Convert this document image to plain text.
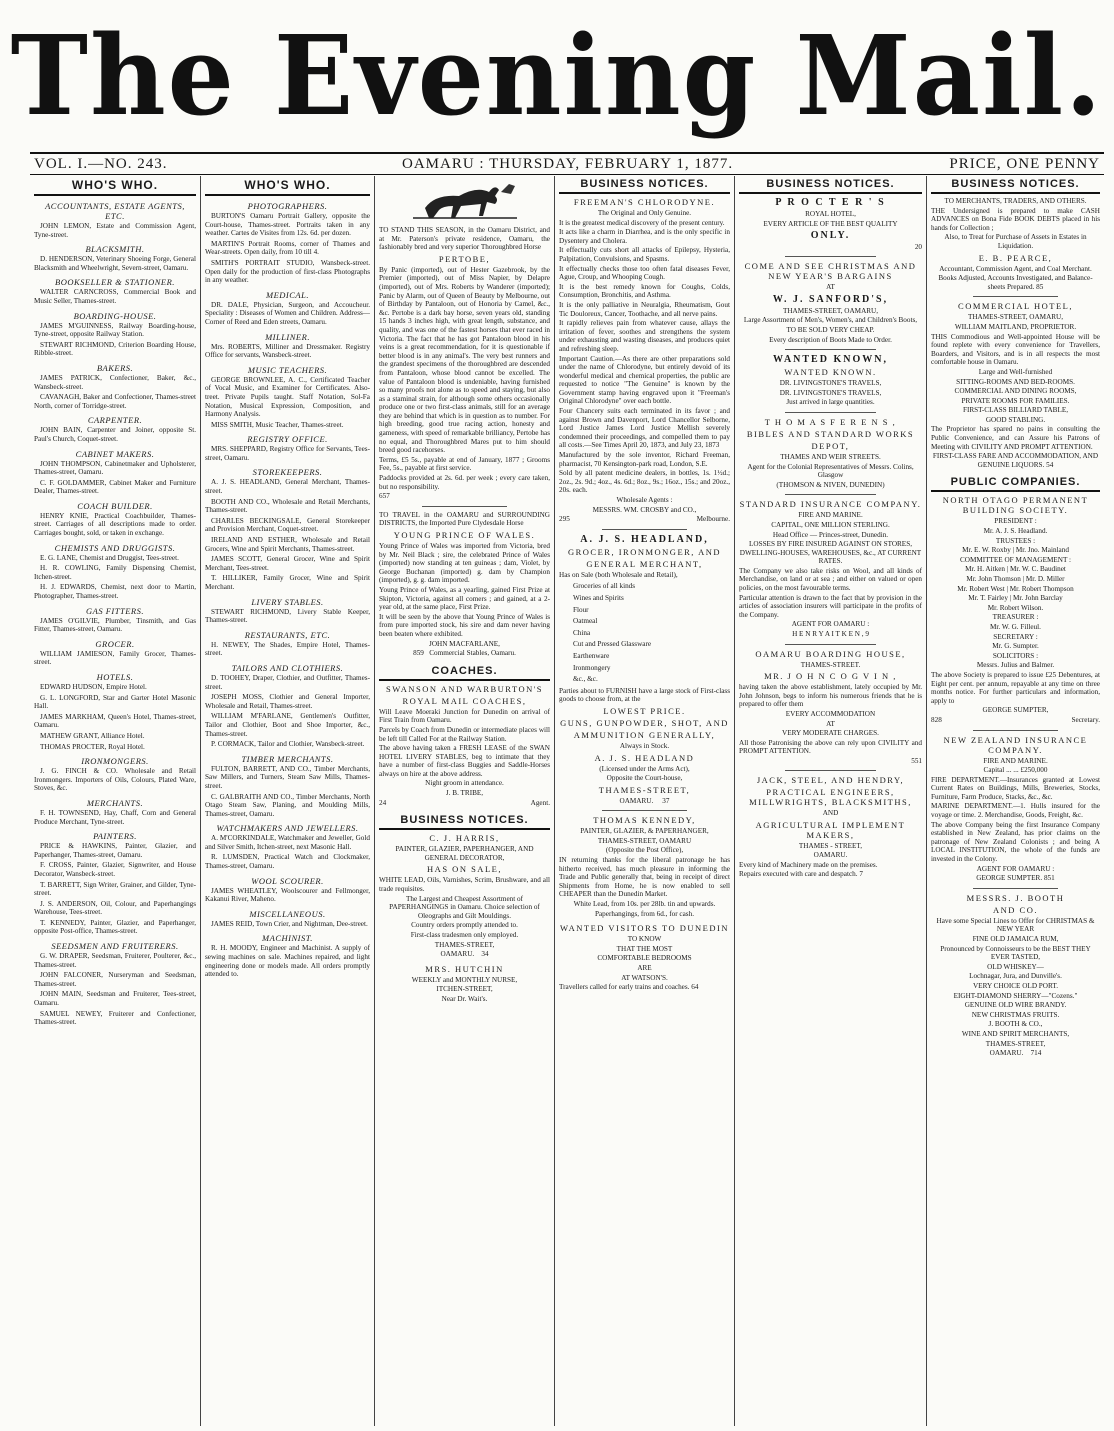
The Evening Mail.
VOL. I.—NO. 243.	OAMARU : THURSDAY, FEBRUARY 1, 1877.	PRICE, ONE PENNY
WHO'S WHO.
ACCOUNTANTS, ESTATE AGENTS, ETC.
JOHN LEMON, Estate and Commission Agent, Tyne-street.
BLACKSMITH.
D. HENDERSON, Veterinary Shoeing Forge, General Blacksmith and Wheelwright, Severn-street, Oamaru.
BOOKSELLER & STATIONER.
WALTER CARNCROSS, Commercial Book and Music Seller, Thames-street.
BOARDING-HOUSE.
JAMES M'GUINNESS, Railway Boarding-house, Tyne-street, opposite Railway Station.
STEWART RICHMOND, Criterion Boarding House, Ribble-street.
BAKERS.
JAMES PATRICK, Confectioner, Baker, &c., Wansbeck-street.
CAVANAGH, Baker and Confectioner, Thames-street North, corner of Torridge-street.
CARPENTER.
JOHN BAIN, Carpenter and Joiner, opposite St. Paul's Church, Coquet-street.
CABINET MAKERS.
JOHN THOMPSON, Cabinetmaker and Upholsterer, Thames-street, Oamaru.
C. F. GOLDAMMER, Cabinet Maker and Furniture Dealer, Thames-street.
COACH BUILDER.
HENRY KNIE, Practical Coachbuilder, Thames-street. Carriages of all descriptions made to order. Carriages bought, sold, or taken in exchange.
CHEMISTS AND DRUGGISTS.
E. G. LANE, Chemist and Druggist, Tees-street.
H. R. COWLING, Family Dispensing Chemist, Itchen-street.
H. J. EDWARDS, Chemist, next door to Martin, Photographer, Thames-street.
GAS FITTERS.
JAMES O'GILVIE, Plumber, Tinsmith, and Gas Fitter, Thames-street, Oamaru.
GROCER.
WILLIAM JAMIESON, Family Grocer, Thames-street.
HOTELS.
EDWARD HUDSON, Empire Hotel.
G. L. LONGFORD, Star and Garter Hotel Masonic Hall.
JAMES MARKHAM, Queen's Hotel, Thames-street, Oamaru.
MATHEW GRANT, Alliance Hotel.
THOMAS PROCTER, Royal Hotel.
IRONMONGERS.
J. G. FINCH & CO. Wholesale and Retail Ironmongers. Importers of Oils, Colours, Plated Ware, Stoves, &c.
MERCHANTS.
F. H. TOWNSEND, Hay, Chaff, Corn and General Produce Merchant, Tyne-street.
PAINTERS.
PRICE & HAWKINS, Painter, Glazier, and Paperhanger, Thames-street, Oamaru.
F. CROSS, Painter, Glazier, Signwriter, and House Decorator, Wansbeck-street.
T. BARRETT, Sign Writer, Grainer, and Gilder, Tyne-street.
J. S. ANDERSON, Oil, Colour, and Paperhangings Warehouse, Tees-street.
T. KENNEDY, Painter, Glazier, and Paperhanger, opposite Post-office, Thames-street.
SEEDSMEN AND FRUITERERS.
G. W. DRAPER, Seedsman, Fruiterer, Poulterer, &c., Thames-street.
JOHN FALCONER, Nurseryman and Seedsman, Thames-street.
JOHN MAIN, Seedsman and Fruiterer, Tees-street, Oamaru.
SAMUEL NEWEY, Fruiterer and Confectioner, Thames-street.
WHO'S WHO.
PHOTOGRAPHERS.
BURTON'S Oamaru Portrait Gallery, opposite the Court-house, Thames-street. Portraits taken in any weather. Cartes de Visites from 12s. 6d. per dozen.
MARTIN'S Portrait Rooms, corner of Thames and Wear-streets. Open daily, from 10 till 4.
SMITH'S PORTRAIT STUDIO, Wansbeck-street. Open daily for the production of first-class Photographs in any weather.
MEDICAL.
DR. DALE, Physician, Surgeon, and Accoucheur. Speciality : Diseases of Women and Children. Address—Corner of Reed and Eden streets, Oamaru.
MILLINER.
Mrs. ROBERTS, Milliner and Dressmaker. Registry Office for servants, Wansbeck-street.
MUSIC TEACHERS.
GEORGE BROWNLEE, A. C., Certificated Teacher of Vocal Music, and Examiner for Certificates. Also-treet. Private Pupils taught. Staff Notation, Sol-Fa Notation, Musical Expression, Composition, and Harmony Analysis.
MISS SMITH, Music Teacher, Thames-street.
REGISTRY OFFICE.
MRS. SHEPPARD, Registry Office for Servants, Tees-street, Oamaru.
STOREKEEPERS.
A. J. S. HEADLAND, General Merchant, Thames-street.
BOOTH AND CO., Wholesale and Retail Merchants, Thames-street.
CHARLES BECKINGSALE, General Storekeeper and Provision Merchant, Coquet-street.
IRELAND AND ESTHER, Wholesale and Retail Grocers, Wine and Spirit Merchants, Thames-street.
JAMES SCOTT, General Grocer, Wine and Spirit Merchant, Tees-street.
T. HILLIKER, Family Grocer, Wine and Spirit Merchant.
LIVERY STABLES.
STEWART RICHMOND, Livery Stable Keeper, Thames-street.
RESTAURANTS, ETC.
H. NEWEY, The Shades, Empire Hotel, Thames-street.
TAILORS AND CLOTHIERS.
D. TOOHEY, Draper, Clothier, and Outfitter, Thames-street.
JOSEPH MOSS, Clothier and General Importer, Wholesale and Retail, Thames-street.
WILLIAM M'FARLANE, Gentlemen's Outfitter, Tailor and Clothier, Boot and Shoe Importer, &c., Thames-street.
P. CORMACK, Tailor and Clothier, Wansbeck-street.
TIMBER MERCHANTS.
FULTON, BARRETT, AND CO., Timber Merchants, Saw Millers, and Turners, Steam Saw Mills, Thames-street.
C. GALBRAITH AND CO., Timber Merchants, North Otago Steam Saw, Planing, and Moulding Mills, Thames-street, Oamaru.
WATCHMAKERS AND JEWELLERS.
A. M'CORKINDALE, Watchmaker and Jeweller, Gold and Silver Smith, Itchen-street, next Masonic Hall.
R. LUMSDEN, Practical Watch and Clockmaker, Thames-street, Oamaru.
WOOL SCOURER.
JAMES WHEATLEY, Woolscourer and Fellmonger, Kakanui River, Maheno.
MISCELLANEOUS.
JAMES REID, Town Crier, and Nightman, Dee-street.
MACHINIST.
R. H. MOODY, Engineer and Machinist. A supply of sewing machines on sale. Machines repaired, and light engineering done or models made. All orders promptly attended to.
TO STAND THIS SEASON, in the Oamaru District, and at Mr. Paterson's private residence, Oamaru, the fashionably bred and very superior Thoroughbred Horse
PERTOBE,
By Panic (imported), out of Hester Gazebrook, by the Premier (imported), out of Miss Napier, by Delapre (imported), out of Mrs. Roberts by Wanderer (imported); Panic by Alarm, out of Queen of Beauty by Melbourne, out of Birthday by Pantaloon, out of Honoria by Camel, &c., &c. Pertobe is a dark bay horse, seven years old, standing 15 hands 3 inches high, with great length, substance, and quality, and was one of the fastest horses that ever raced in Victoria. The fact that he has got Pantaloon blood in his veins is a great recommendation, for it is questionable if better blood is in any animal's. The very best runners and the grandest specimens of the thoroughbred are descended from Pantaloon, whose blood cannot be excelled. The value of Pantaloon blood is undeniable, having furnished so many proofs not alone as to speed and staying, but also as a staminal strain, for although some others occasionally produce one or two first-class animals, still for an average they are behind that which is in question as to number. For high breeding, good true racing action, honesty and gameness, with speed of remarkable brilliancy, Pertobe has no equal, and Thoroughbred Mares put to him should breed good racehorses.
Terms, £5 5s., payable at end of January, 1877 ; Grooms Fee, 5s., payable at first service.
Paddocks provided at 2s. 6d. per week ; every care taken, but no responsibility.
657
TO TRAVEL in the OAMARU and SURROUNDING DISTRICTS, the Imported Pure Clydesdale Horse
YOUNG PRINCE OF WALES.
Young Prince of Wales was imported from Victoria, bred by Mr. Neil Black ; sire, the celebrated Prince of Wales (imported) now standing at ten guineas ; dam, Violet, by George Buchanan (imported) g. dam by Champion (imported), g. g. dam imported.
Young Prince of Wales, as a yearling, gained First Prize at Skipton, Victoria, against all comers ; and gained, at a 2-year old, at the same place, First Prize.
It will be seen by the above that Young Prince of Wales is from pure imported stock, his sire and dam never having been beaten where exhibited.
JOHN MACFARLANE,
859 Commercial Stables, Oamaru.
COACHES.
SWANSON AND WARBURTON'S
ROYAL MAIL COACHES,
Will Leave Moeraki Junction for Dunedin on arrival of First Train from Oamaru.
Parcels by Coach from Dunedin or intermediate places will be left till Called For at the Railway Station.
The above having taken a FRESH LEASE of the SWAN HOTEL LIVERY STABLES, beg to intimate that they have a number of first-class Buggies and Saddle-Horses always on hire at the above address.
Night groom in attendance.
J. B. TRIBE,
24	Agent.
BUSINESS NOTICES.
C. J. HARRIS,
PAINTER, GLAZIER, PAPERHANGER, AND GENERAL DECORATOR,
HAS ON SALE,
WHITE LEAD, Oils, Varnishes, Scrim, Brushware, and all trade requisites.
The Largest and Cheapest Assortment of PAPERHANGINGS in Oamaru. Choice selection of Oleographs and Gilt Mouldings.
Country orders promptly attended to.
First-class tradesmen only employed.
THAMES-STREET,
OAMARU. 34
MRS. HUTCHIN
WEEKLY and MONTHLY NURSE,
ITCHEN-STREET,
Near Dr. Wait's.
BUSINESS NOTICES.
FREEMAN'S CHLORODYNE.
The Original and Only Genuine.
It is the greatest medical discovery of the present century.
It acts like a charm in Diarrhea, and is the only specific in Dysentery and Cholera.
It effectually cuts short all attacks of Epilepsy, Hysteria, Palpitation, Convulsions, and Spasms.
It effectually checks those too often fatal diseases Fever, Ague, Croup, and Whooping Cough.
It is the best remedy known for Coughs, Colds, Consumption, Bronchitis, and Asthma.
It is the only palliative in Neuralgia, Rheumatism, Gout Tic Douloreux, Cancer, Toothache, and all nerve pains.
It rapidly relieves pain from whatever cause, allays the irritation of fever, soothes and strengthens the system under exhausting and wasting diseases, and produces quiet and refreshing sleep.
Important Caution.—As there are other preparations sold under the name of Chlorodyne, but entirely devoid of its wonderful medical and chemical properties, the public are requested to notice "The Genuine" is known by the Government stamp having engraved upon it "Freeman's Original Chlorodyne" over each bottle.
Four Chancery suits each terminated in its favor ; and against Brown and Davenport, Lord Chancellor Selborne, Lord Justice James Lord Justice Mellish severely condemned their proceedings, and compelled them to pay all costs.—See Times April 20, 1873, and July 23, 1873
Manufactured by the sole inventor, Richard Freeman, pharmacist, 70 Kensington-park road, London, S.E.
Sold by all patent medicine dealers, in bottles, 1s. 1½d.; 2oz., 2s. 9d.; 4oz., 4s. 6d.; 8oz., 9s.; 16oz., 15s.; and 20oz., 20s. each.
Wholesale Agents :
MESSRS. WM. CROSBY and CO.,
295	Melbourne.
A. J. S. HEADLAND,
GROCER, IRONMONGER, AND
GENERAL MERCHANT,
Has on Sale (both Wholesale and Retail),
Groceries of all kinds
Wines and Spirits
Flour
Oatmeal
China
Cut and Pressed Glassware
Earthenware
Ironmongery
&c., &c.
Parties about to FURNISH have a large stock of First-class goods to choose from, at the
LOWEST PRICE.
GUNS, GUNPOWDER, SHOT, AND
AMMUNITION GENERALLY,
Always in Stock.
A. J. S. HEADLAND
(Licensed under the Arms Act),
Opposite the Court-house,
THAMES-STREET,
OAMARU. 37
THOMAS KENNEDY,
PAINTER, GLAZIER, & PAPERHANGER,
THAMES-STREET, OAMARU
(Opposite the Post Office),
IN returning thanks for the liberal patronage he has hitherto received, has much pleasure in informing the Trade and Public generally that, being in receipt of direct Shipments from Home, he is now enabled to sell CHEAPER than the Dunedin Market.
White Lead, from 10s. per 28lb. tin and upwards.
Paperhangings, from 6d., for cash.
WANTED VISITORS TO DUNEDIN
TO KNOW
THAT THE MOST
COMFORTABLE BEDROOMS
ARE
AT WATSON'S.
Travellers called for early trains and coaches. 64
BUSINESS NOTICES.
P R O C T E R ' S
ROYAL HOTEL,
EVERY ARTICLE OF THE BEST QUALITY
ONLY.
20
COME AND SEE CHRISTMAS AND NEW YEAR'S BARGAINS
AT
W. J. SANFORD'S,
THAMES-STREET, OAMARU,
Large Assortment of Men's, Women's, and Children's Boots,
TO BE SOLD VERY CHEAP.
Every description of Boots Made to Order.
WANTED KNOWN,
WANTED KNOWN.
DR. LIVINGSTONE'S TRAVELS,
DR. LIVINGSTONE'S TRAVELS,
Just arrived in large quantities.
T H O M A S F E R E N S ,
BIBLES AND STANDARD WORKS
DEPOT,
THAMES AND WEIR STREETS.
Agent for the Colonial Representatives of Messrs. Colins, Glasgow
(THOMSON & NIVEN, DUNEDIN)
STANDARD INSURANCE COMPANY.
FIRE AND MARINE.
CAPITAL, ONE MILLION STERLING.
Head Office — Princes-street, Dunedin.
LOSSES BY FIRE INSURED AGAINST ON STORES, DWELLING-HOUSES, WAREHOUSES, &c., AT CURRENT RATES.
The Company we also take risks on Wool, and all kinds of Merchandise, on land or at sea ; and either on valued or open policies, on the most favourable terms.
Particular attention is drawn to the fact that by provision in the articles of association insurers will participate in the profits of the Company.
AGENT FOR OAMARU :
H E N R Y A I T K E N , 9
OAMARU BOARDING HOUSE,
THAMES-STREET.
MR. J O H N C O G V I N ,
having taken the above establishment, lately occupied by Mr. John Johnson, begs to inform his numerous friends that he is prepared to offer them
EVERY ACCOMMODATION
AT
VERY MODERATE CHARGES.
All those Patronising the above can rely upon CIVILITY and PROMPT ATTENTION.
551
JACK, STEEL, AND HENDRY,
PRACTICAL ENGINEERS, MILLWRIGHTS, BLACKSMITHS,
AND
AGRICULTURAL IMPLEMENT MAKERS,
THAMES - STREET,
OAMARU.
Every kind of Machinery made on the premises.
Repairs executed with care and despatch. 7
BUSINESS NOTICES.
TO MERCHANTS, TRADERS, AND OTHERS.
THE Undersigned is prepared to make CASH ADVANCES on Bona Fide BOOK DEBTS placed in his hands for Collection ;
Also, to Treat for Purchase of Assets in Estates in Liquidation.
E. B. PEARCE,
Accountant, Commission Agent, and Coal Merchant.
Books Adjusted, Accounts Investigated, and Balance-sheets Prepared. 85
COMMERCIAL HOTEL,
THAMES-STREET, OAMARU,
WILLIAM MAITLAND, PROPRIETOR.
THIS Commodious and Well-appointed House will be found replete with every convenience for Travellers, Boarders, and Visitors, and is in all respects the most comfortable house in Oamaru.
Large and Well-furnished
SITTING-ROOMS AND BED-ROOMS.
COMMERCIAL AND DINING ROOMS,
PRIVATE ROOMS FOR FAMILIES.
FIRST-CLASS BILLIARD TABLE,
GOOD STABLING.
The Proprietor has spared no pains in consulting the Public Convenience, and can Assure his Patrons of Meeting with CIVILITY AND PROMPT ATTENTION.
FIRST-CLASS FARE AND ACCOMMODATION, AND GENUINE LIQUORS. 54
PUBLIC COMPANIES.
NORTH OTAGO PERMANENT BUILDING SOCIETY.
PRESIDENT :
Mr. A. J. S. Headland.
TRUSTEES :
Mr. E. W. Roxby | Mr. Jno. Mainland
COMMITTEE OF MANAGEMENT :
Mr. H. Aitken | Mr. W. C. Baudinet
Mr. John Thomson | Mr. D. Miller
Mr. Robert West | Mr. Robert Thompson
Mr. T. Fairley | Mr. John Barclay
Mr. Robert Wilson.
TREASURER :
Mr. W. G. Filleul.
SECRETARY :
Mr. G. Sumpter.
SOLICITORS :
Messrs. Julius and Balmer.
The above Society is prepared to issue £25 Debentures, at Eight per cent. per annum, repayable at any time on three months notice. For further particulars and information, apply to
GEORGE SUMPTER,
828	Secretary.
NEW ZEALAND INSURANCE COMPANY.
FIRE AND MARINE.
Capital ... ... £250,000
FIRE DEPARTMENT.—Insurances granted at Lowest Current Rates on Buildings, Mills, Breweries, Stocks, Furniture, Farm Produce, Stacks, &c., &c.
MARINE DEPARTMENT.—1. Hulls insured for the voyage or time. 2. Merchandise, Goods, Freight, &c.
The above Company being the first Insurance Company established in New Zealand, has prior claims on the patronage of New Zealand Colonists ; and being A LOCAL INSTITUTION, the whole of the funds are invested in the Colony.
AGENT FOR OAMARU :
GEORGE SUMPTER. 851
MESSRS. J. BOOTH
AND CO.
Have some Special Lines to Offer for CHRISTMAS & NEW YEAR
FINE OLD JAMAICA RUM,
Pronounced by Connoisseurs to be the BEST THEY EVER TASTED,
OLD WHISKEY—
Lochnagar, Jura, and Dunville's.
VERY CHOICE OLD PORT.
EIGHT-DIAMOND SHERRY—"Cozens."
GENUINE OLD WIRE BRANDY.
NEW CHRISTMAS FRUITS.
J. BOOTH & CO.,
WINE AND SPIRIT MERCHANTS,
THAMES-STREET,
OAMARU. 714
